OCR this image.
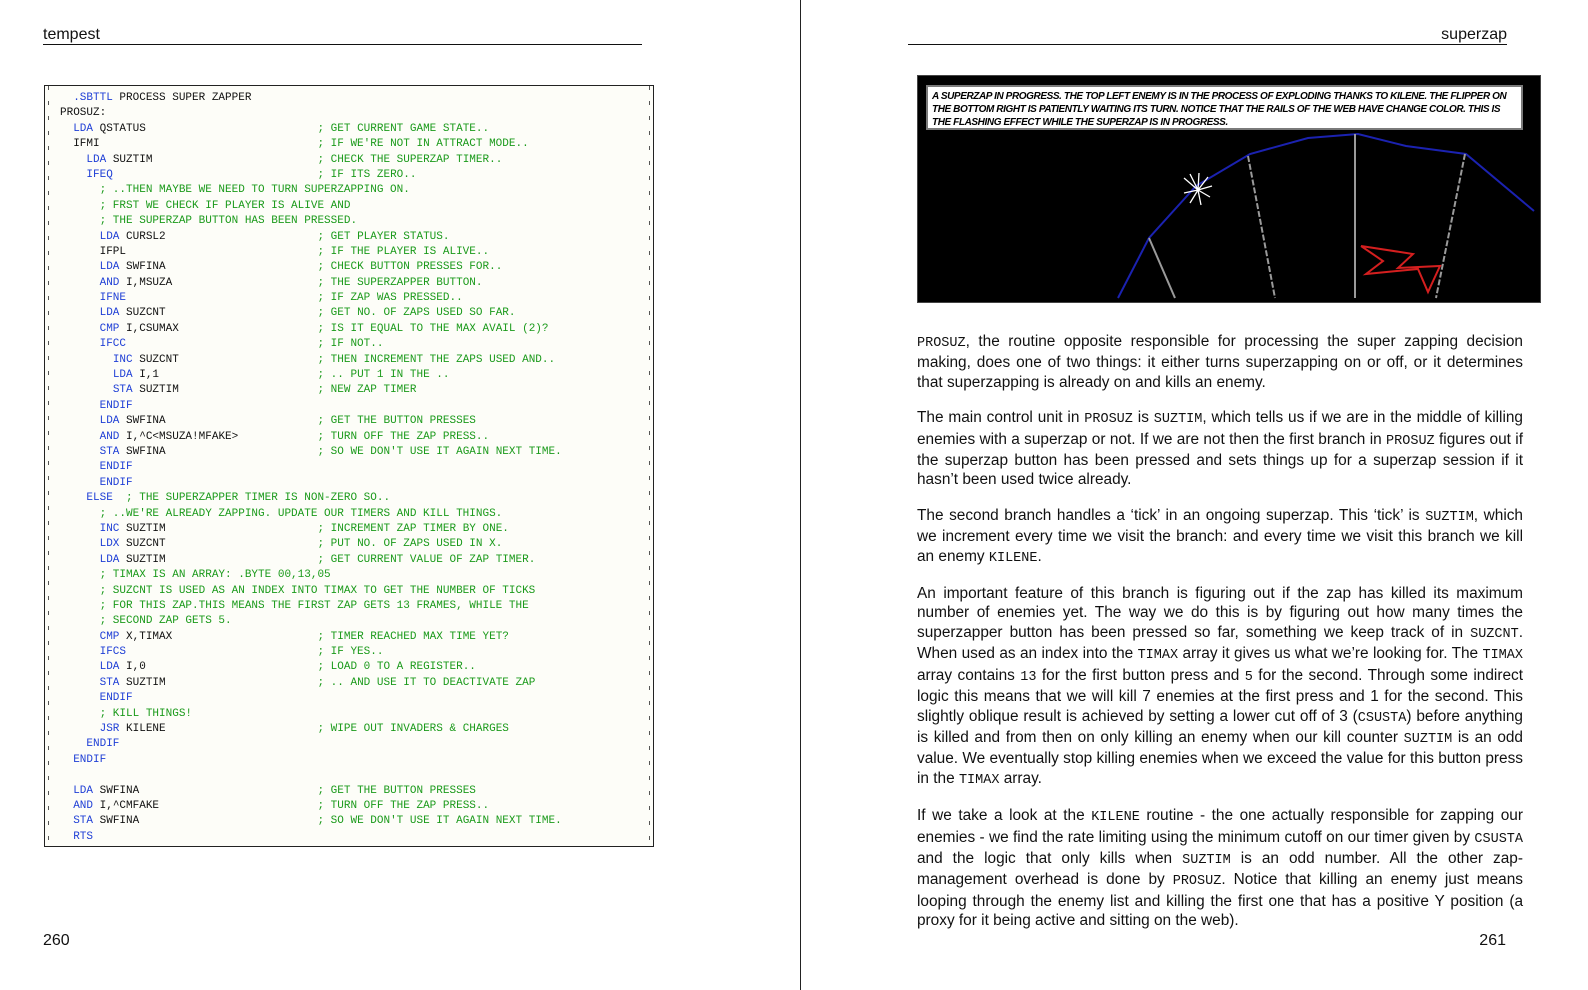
tempest
.SBTTL PROCESS SUPER ZAPPER
PROSUZ:
LDA QSTATUS	; GET CURRENT GAME STATE..
IFMI	; IF WE'RE NOT IN ATTRACT MODE..
LDA SUZTIM	; CHECK THE SUPERZAP TIMER..
IFEQ	; IF ITS ZERO..
; ..THEN MAYBE WE NEED TO TURN SUPERZAPPING ON.
; FRST WE CHECK IF PLAYER IS ALIVE AND
; THE SUPERZAP BUTTON HAS BEEN PRESSED.
LDA CURSL2	; GET PLAYER STATUS.
IFPL	; IF THE PLAYER IS ALIVE..
LDA SWFINA	; CHECK BUTTON PRESSES FOR..
AND I,MSUZA	; THE SUPERZAPPER BUTTON.
IFNE	; IF ZAP WAS PRESSED..
LDA SUZCNT	; GET NO. OF ZAPS USED SO FAR.
CMP I,CSUMAX	; IS IT EQUAL TO THE MAX AVAIL (2)?
IFCC	; IF NOT..
INC SUZCNT	; THEN INCREMENT THE ZAPS USED AND..
LDA I,1	; .. PUT 1 IN THE ..
STA SUZTIM	; NEW ZAP TIMER
ENDIF
LDA SWFINA	; GET THE BUTTON PRESSES
AND I,^C<MSUZA!MFAKE>	; TURN OFF THE ZAP PRESS..
STA SWFINA	; SO WE DON'T USE IT AGAIN NEXT TIME.
ENDIF
ENDIF
ELSE ; THE SUPERZAPPER TIMER IS NON-ZERO SO..
; ..WE'RE ALREADY ZAPPING. UPDATE OUR TIMERS AND KILL THINGS.
INC SUZTIM	; INCREMENT ZAP TIMER BY ONE.
LDX SUZCNT	; PUT NO. OF ZAPS USED IN X.
LDA SUZTIM	; GET CURRENT VALUE OF ZAP TIMER.
; TIMAX IS AN ARRAY: .BYTE 00,13,05
; SUZCNT IS USED AS AN INDEX INTO TIMAX TO GET THE NUMBER OF TICKS
; FOR THIS ZAP.THIS MEANS THE FIRST ZAP GETS 13 FRAMES, WHILE THE
; SECOND ZAP GETS 5.
CMP X,TIMAX	; TIMER REACHED MAX TIME YET?
IFCS	; IF YES..
LDA I,0	; LOAD 0 TO A REGISTER..
STA SUZTIM	; .. AND USE IT TO DEACTIVATE ZAP
ENDIF
; KILL THINGS!
JSR KILENE	; WIPE OUT INVADERS & CHARGES
ENDIF
ENDIF
LDA SWFINA	; GET THE BUTTON PRESSES
AND I,^CMFAKE	; TURN OFF THE ZAP PRESS..
STA SWFINA	; SO WE DON'T USE IT AGAIN NEXT TIME.
RTS
260
superzap
A SUPERZAP IN PROGRESS. THE TOP LEFT ENEMY IS IN THE PROCESS OF EXPLODING THANKS TO KILENE. THE FLIPPER ON THE BOTTOM RIGHT IS PATIENTLY WAITING ITS TURN. NOTICE THAT THE RAILS OF THE WEB HAVE CHANGE COLOR. THIS IS THE FLASHING EFFECT WHILE THE SUPERZAP IS IN PROGRESS.

PROSUZ, the routine opposite responsible for processing the super zapping decision making, does one of two things: it either turns superzapping on or off, or it determines that superzapping is already on and kills an enemy.

The main control unit in PROSUZ is SUZTIM, which tells us if we are in the middle of killing enemies with a superzap or not. If we are not then the first branch in PROSUZ figures out if the superzap button has been pressed and sets things up for a superzap session if it hasn’t been used twice already.

The second branch handles a ‘tick’ in an ongoing superzap. This ‘tick’ is SUZTIM, which we increment every time we visit the branch: and every time we visit this branch we kill an enemy KILENE.

An important feature of this branch is figuring out if the zap has killed its maximum number of enemies yet. The way we do this is by figuring out how many times the superzapper button has been pressed so far, something we keep track of in SUZCNT. When used as an index into the TIMAX array it gives us what we’re looking for. The TIMAX array contains 13 for the first button press and 5 for the second. Through some indirect logic this means that we will kill 7 enemies at the first press and 1 for the second. This slightly oblique result is achieved by setting a lower cut off of 3 (CSUSTA) before anything is killed and from then on only killing an enemy when our kill counter SUZTIM is an odd value. We eventually stop killing enemies when we exceed the value for this button press in the TIMAX array.

If we take a look at the KILENE routine - the one actually responsible for zapping our enemies - we find the rate limiting using the minimum cutoff on our timer given by CSUSTA and the logic that only kills when SUZTIM is an odd number. All the other zap-management overhead is done by PROSUZ. Notice that killing an enemy just means looping through the enemy list and killing the first one that has a positive Y position (a proxy for it being active and sitting on the web).

261
